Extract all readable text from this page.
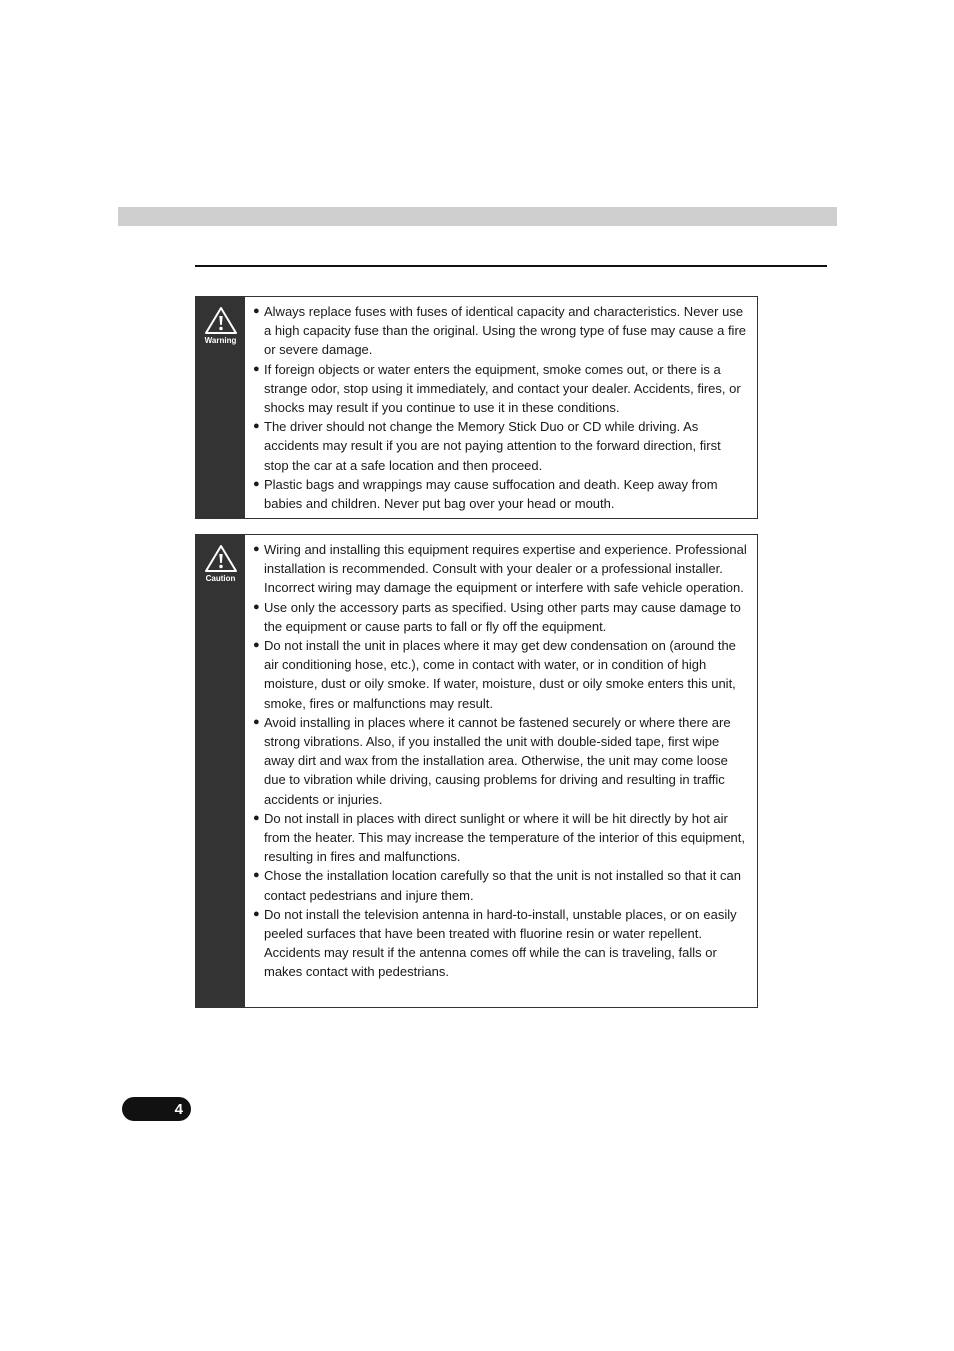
Warning
● Always replace fuses with fuses of identical capacity and characteristics. Never use a high capacity fuse than the original. Using the wrong type of fuse may cause a fire or severe damage.
● If foreign objects or water enters the equipment, smoke comes out, or there is a strange odor, stop using it immediately, and contact your dealer. Accidents, fires, or shocks may result if you continue to use it in these conditions.
● The driver should not change the Memory Stick Duo or CD while driving. As accidents may result if you are not paying attention to the forward direction, first stop the car at a safe location and then proceed.
● Plastic bags and wrappings may cause suffocation and death. Keep away from babies and children. Never put bag over your head or mouth.
Caution
● Wiring and installing this equipment requires expertise and experience. Professional installation is recommended. Consult with your dealer or a professional installer. Incorrect wiring may damage the equipment or interfere with safe vehicle operation.
● Use only the accessory parts as specified. Using other parts may cause damage to the equipment or cause parts to fall or fly off the equipment.
● Do not install the unit in places where it may get dew condensation on (around the air conditioning hose, etc.), come in contact with water, or in condition of high moisture, dust or oily smoke. If water, moisture, dust or oily smoke enters this unit, smoke, fires or malfunctions may result.
● Avoid installing in places where it cannot be fastened securely or where there are strong vibrations. Also, if you installed the unit with double-sided tape, first wipe away dirt and wax from the installation area. Otherwise, the unit may come loose due to vibration while driving, causing problems for driving and resulting in traffic accidents or injuries.
● Do not install in places with direct sunlight or where it will be hit directly by hot air from the heater. This may increase the temperature of the interior of this equipment, resulting in fires and malfunctions.
● Chose the installation location carefully so that the unit is not installed so that it can contact pedestrians and injure them.
● Do not install the television antenna in hard-to-install, unstable places, or on easily peeled surfaces that have been treated with fluorine resin or water repellent. Accidents may result if the antenna comes off while the can is traveling, falls or makes contact with pedestrians.
4
